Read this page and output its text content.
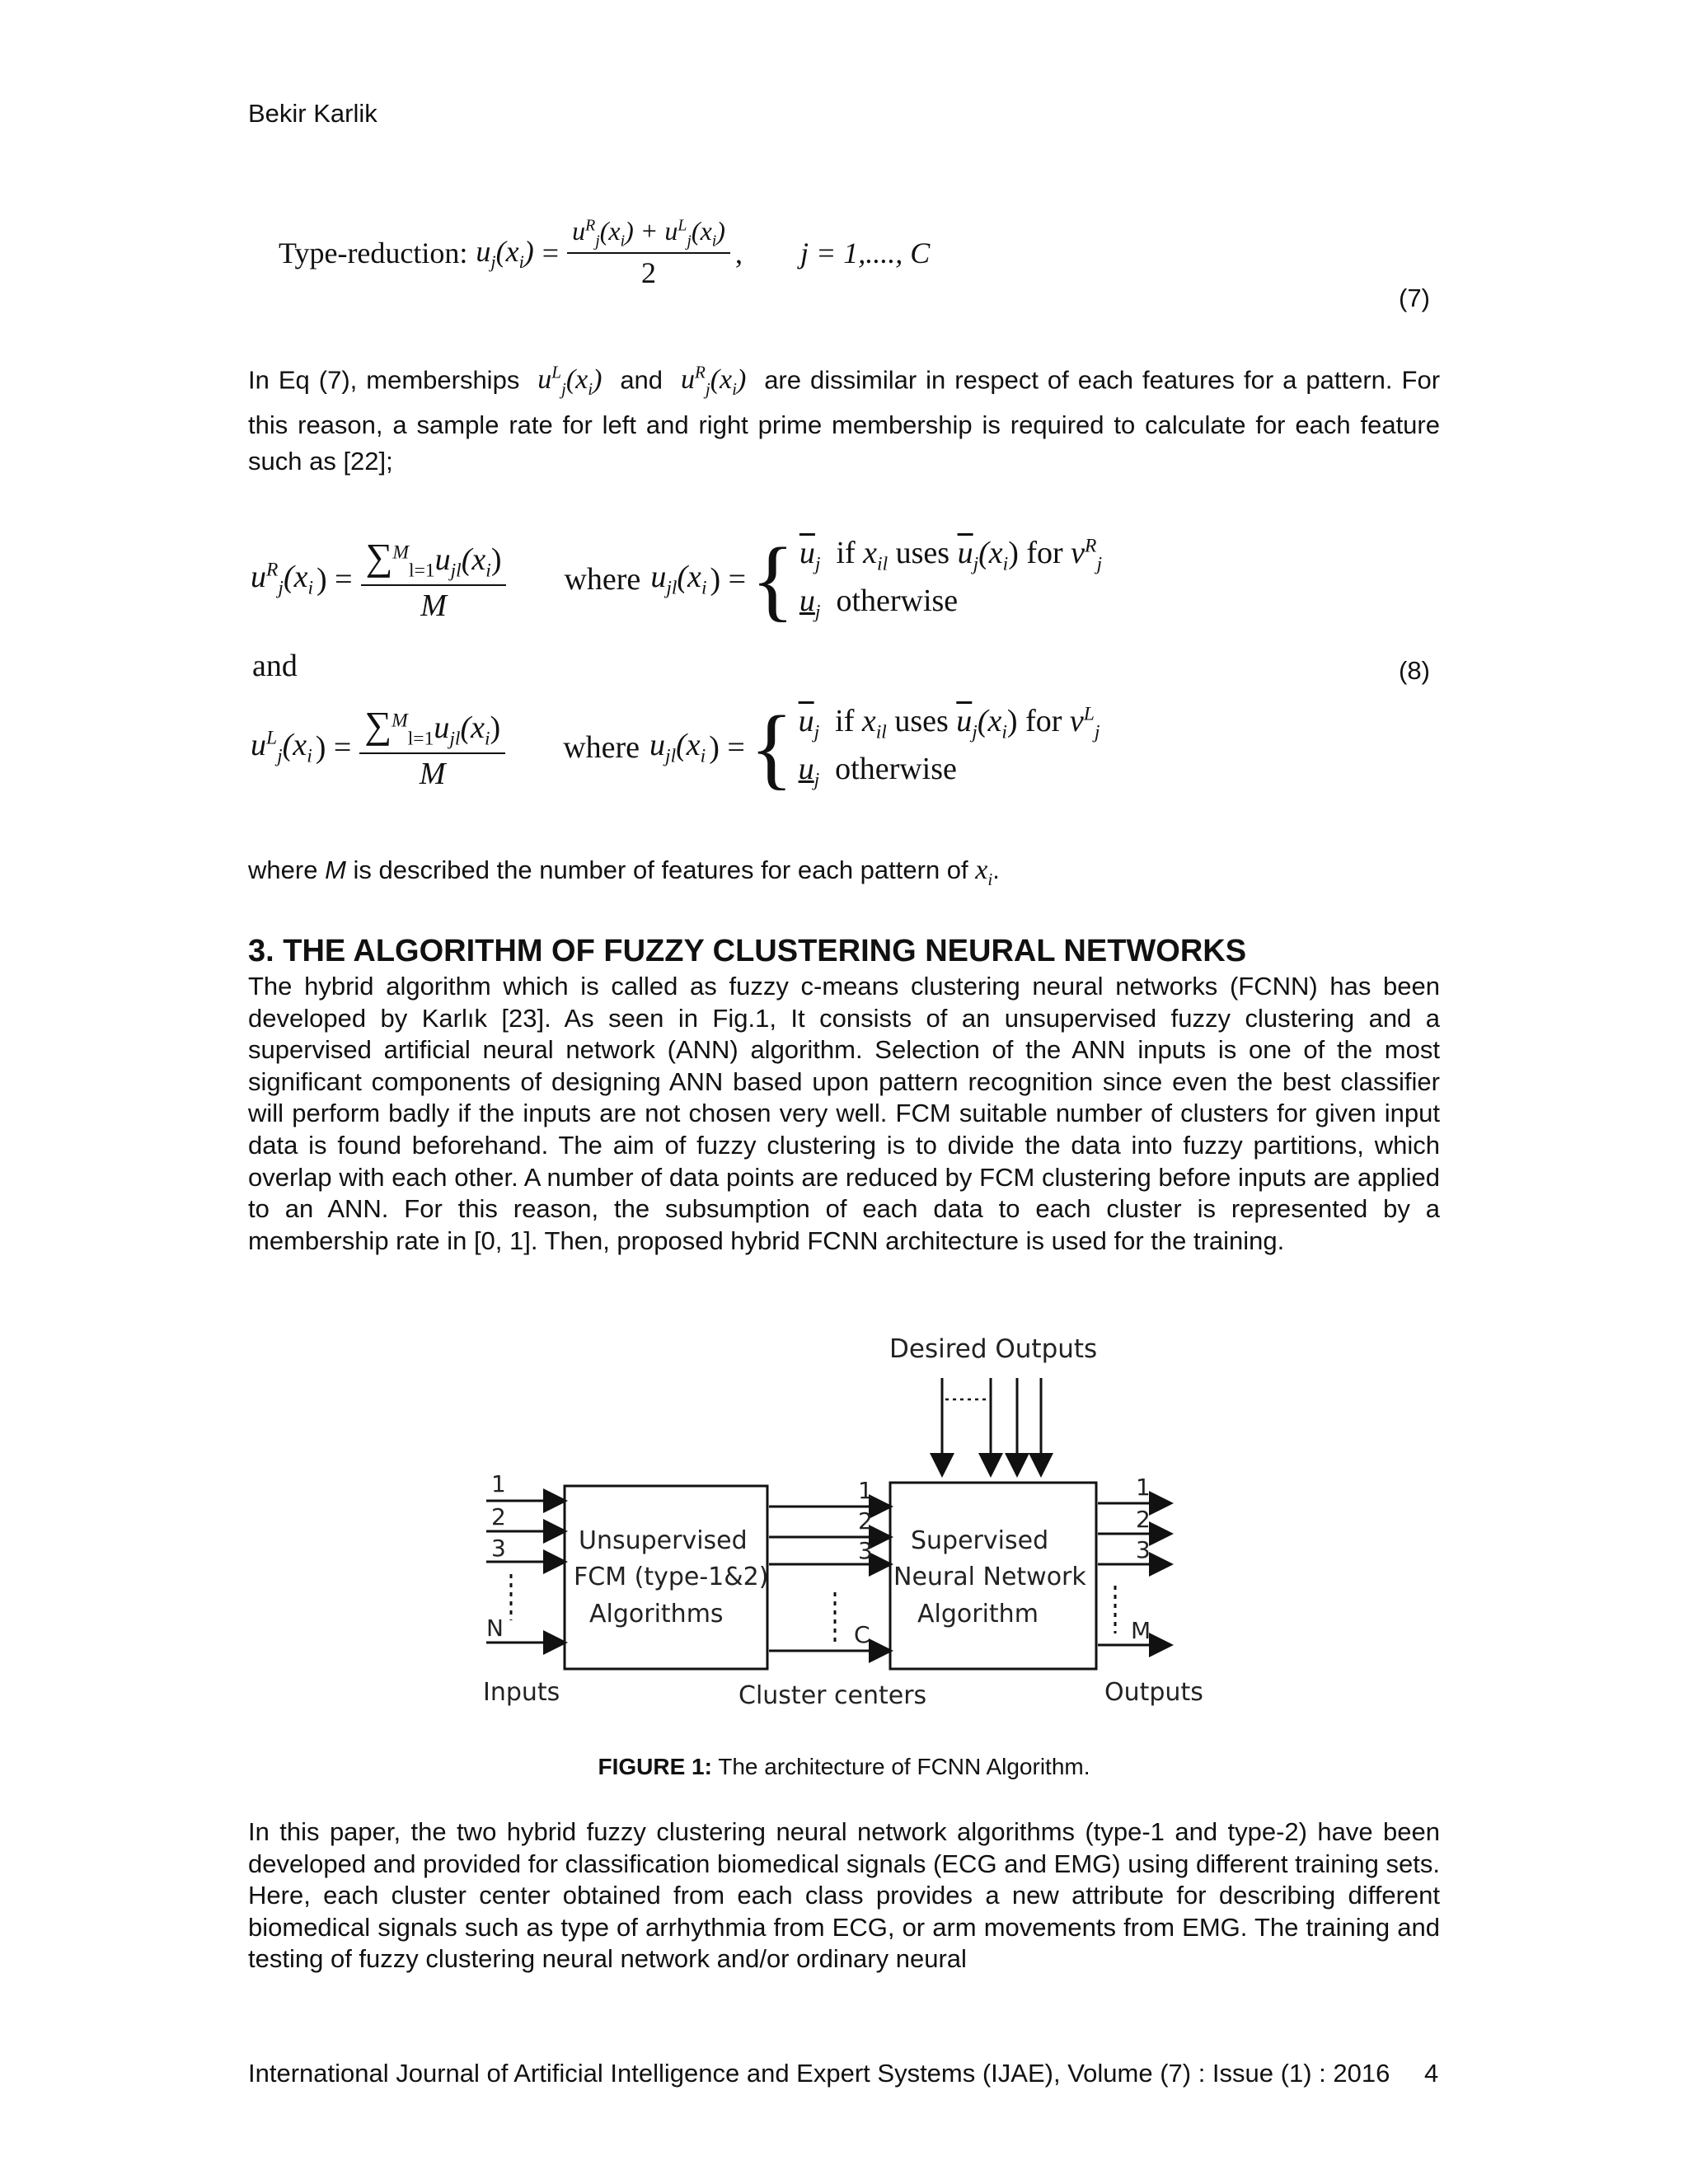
Bekir Karlik
Type-reduction: $u_j(x_i) = \frac{u^R_j(x_i) + u^L_j(x_i)}{2}$ , j = 1,...., C
(7)
In Eq (7), memberships $u^L_j(x_i)$ and $u^R_j(x_i)$ are dissimilar in respect of each features for a pattern. For this reason, a sample rate for left and right prime membership is required to calculate for each feature such as [22];
$u^R_j(x_i$ ) = $\frac{\sum^M_{l=1}u_{jl}(x_i)}{M}$ where $u_{jl}(x_i$ ) = { $\overline{u}_j$ if $x_{il}$ uses $\overline{u}_j(x_i)$ for $v^R_j$
$u_j$ otherwise
and	(8)
$u^L_j(x_i$ ) = $\frac{\sum^M_{l=1}u_{jl}(x_i)}{M}$ where $u_{jl}(x_i$ ) = { $\overline{u}_j$ if $x_{il}$ uses $\overline{u}_j(x_i)$ for $v^L_j$
$u_j$ otherwise
where M is described the number of features for each pattern of $x_i$.
3. THE ALGORITHM OF FUZZY CLUSTERING NEURAL NETWORKS
The hybrid algorithm which is called as fuzzy c-means clustering neural networks (FCNN) has been developed by Karlık [23]. As seen in Fig.1, It consists of an unsupervised fuzzy clustering and a supervised artificial neural network (ANN) algorithm. Selection of the ANN inputs is one of the most significant components of designing ANN based upon pattern recognition since even the best classifier will perform badly if the inputs are not chosen very well. FCM suitable number of clusters for given input data is found beforehand. The aim of fuzzy clustering is to divide the data into fuzzy partitions, which overlap with each other. A number of data points are reduced by FCM clustering before inputs are applied to an ANN. For this reason, the subsumption of each data to each cluster is represented by a membership rate in [0, 1]. Then, proposed hybrid FCNN architecture is used for the training.
Desired Outputs
Unsupervised
FCM (type-1&2)
Algorithms
Supervised
Neural Network
Algorithm
1
2
3
N
1
2
3
C
1
2
3
M
Inputs	Cluster centers	Outputs
FIGURE 1: The architecture of FCNN Algorithm.
In this paper, the two hybrid fuzzy clustering neural network algorithms (type-1 and type-2) have been developed and provided for classification biomedical signals (ECG and EMG) using different training sets. Here, each cluster center obtained from each class provides a new attribute for describing different biomedical signals such as type of arrhythmia from ECG, or arm movements from EMG. The training and testing of fuzzy clustering neural network and/or ordinary neural
International Journal of Artificial Intelligence and Expert Systems (IJAE), Volume (7) : Issue (1) : 2016 4
